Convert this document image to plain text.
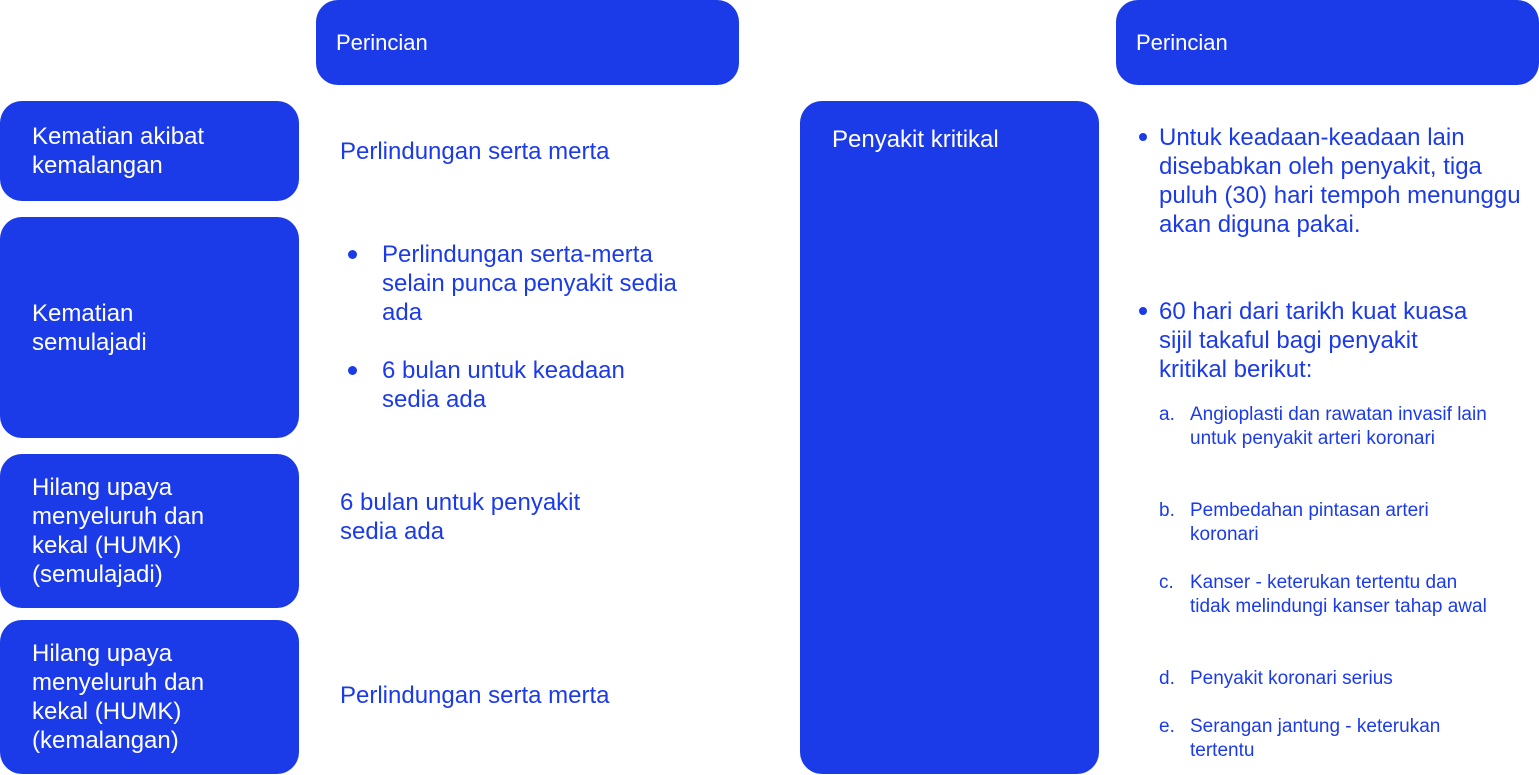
Perincian
Kematian akibat kemalangan
Perlindungan serta merta
Kematian semulajadi
Perlindungan serta-merta selain punca penyakit sedia ada
6 bulan untuk keadaan sedia ada
Hilang upaya menyeluruh dan kekal (HUMK) (semulajadi)
6 bulan untuk penyakit sedia ada
Hilang upaya menyeluruh dan kekal (HUMK) (kemalangan)
Perlindungan serta merta
Perincian
Penyakit kritikal	Untuk keadaan-keadaan lain disebabkan oleh penyakit, tiga puluh (30) hari tempoh menunggu akan diguna pakai.
60 hari dari tarikh kuat kuasa sijil takaful bagi penyakit kritikal berikut:
a. Angioplasti dan rawatan invasif lain untuk penyakit arteri koronari
b. Pembedahan pintasan arteri koronari
c. Kanser - keterukan tertentu dan tidak melindungi kanser tahap awal
d. Penyakit koronari serius
e. Serangan jantung - keterukan tertentu
